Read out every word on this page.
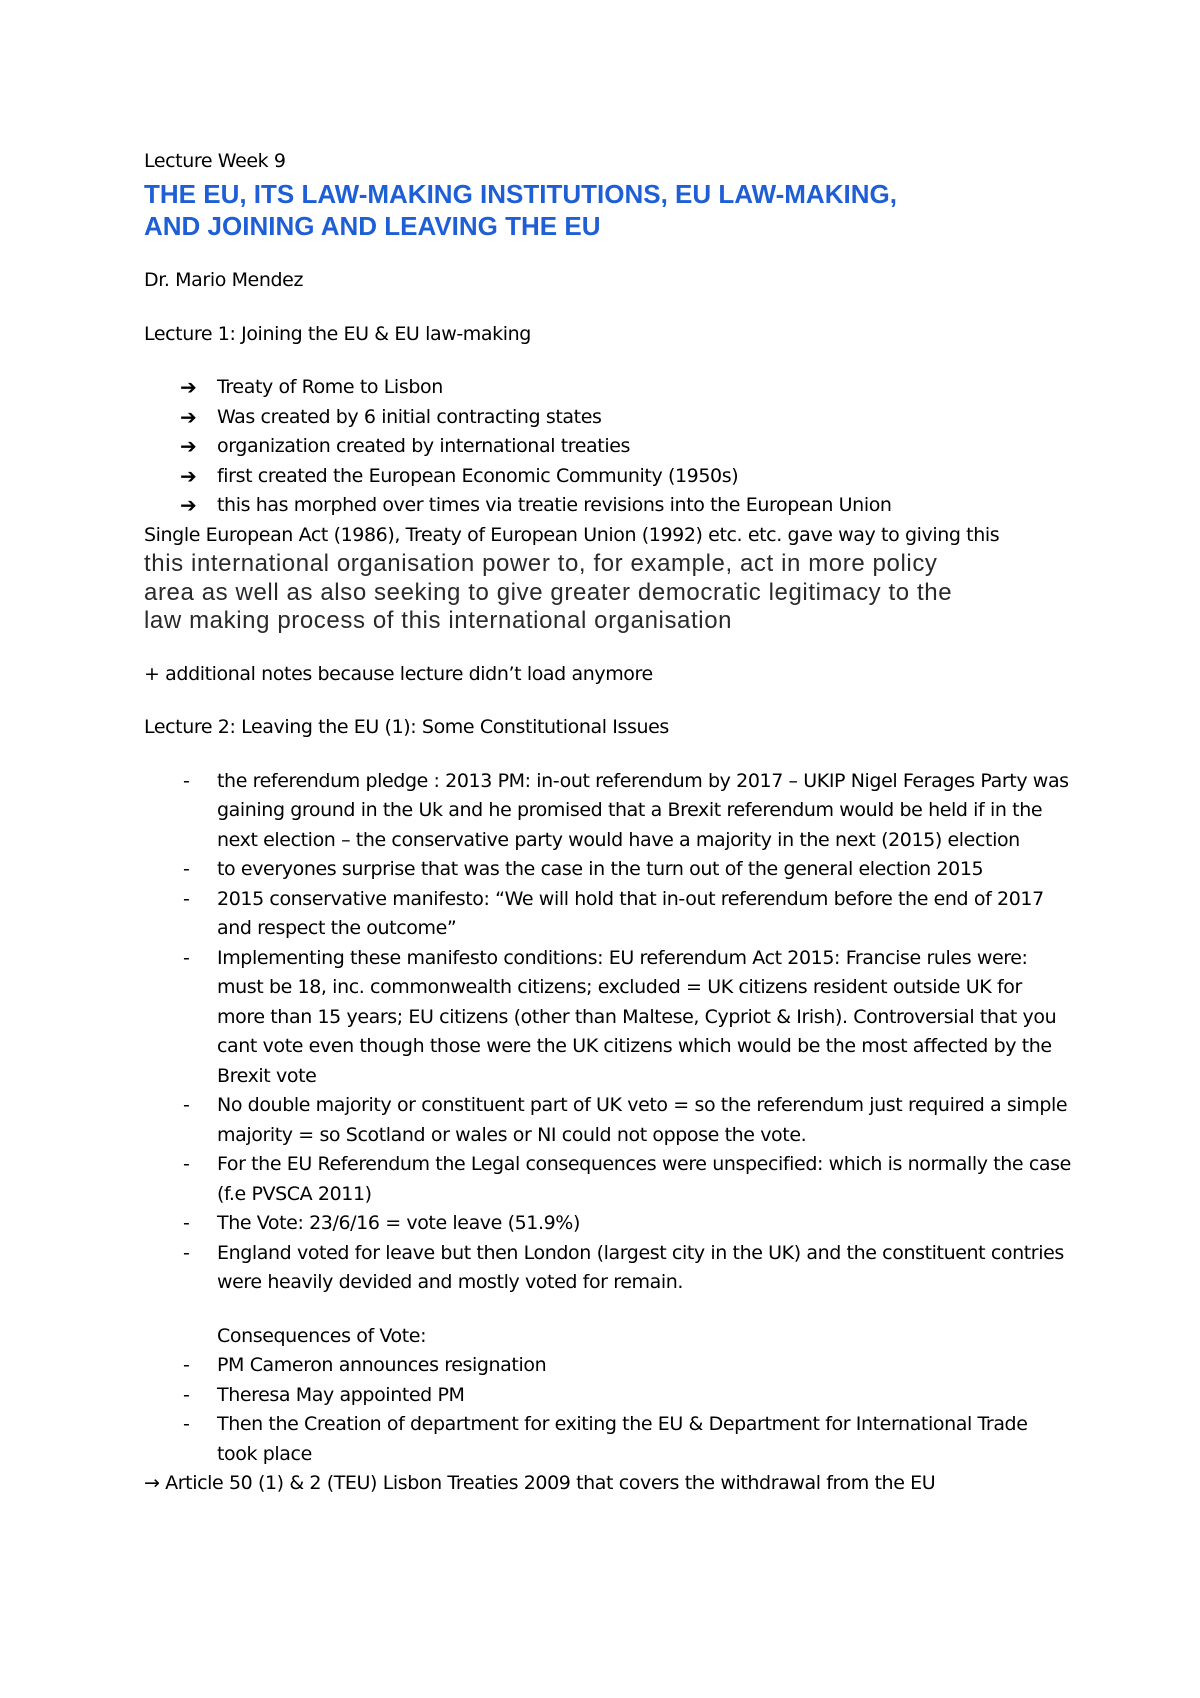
Lecture Week 9
THE EU, ITS LAW-MAKING INSTITUTIONS, EU LAW-MAKING,
AND JOINING AND LEAVING THE EU
Dr. Mario Mendez
Lecture 1: Joining the EU & EU law-making
➔ Treaty of Rome to Lisbon
➔ Was created by 6 initial contracting states
➔ organization created by international treaties
➔ first created the European Economic Community (1950s)
➔ this has morphed over times via treatie revisions into the European Union
Single European Act (1986), Treaty of European Union (1992) etc. etc. gave way to giving this
this international organisation power to, for example, act in more policy
area as well as also seeking to give greater democratic legitimacy to the
law making process of this international organisation
+ additional notes because lecture didn’t load anymore
Lecture 2: Leaving the EU (1): Some Constitutional Issues
- the referendum pledge : 2013 PM: in-out referendum by 2017 – UKIP Nigel Ferages Party was gaining ground in the Uk and he promised that a Brexit referendum would be held if in the next election – the conservative party would have a majority in the next (2015) election
- to everyones surprise that was the case in the turn out of the general election 2015
- 2015 conservative manifesto: “We will hold that in-out referendum before the end of 2017 and respect the outcome”
- Implementing these manifesto conditions: EU referendum Act 2015: Francise rules were: must be 18, inc. commonwealth citizens; excluded = UK citizens resident outside UK for more than 15 years; EU citizens (other than Maltese, Cypriot & Irish). Controversial that you cant vote even though those were the UK citizens which would be the most affected by the Brexit vote
- No double majority or constituent part of UK veto = so the referendum just required a simple majority = so Scotland or wales or NI could not oppose the vote.
- For the EU Referendum the Legal consequences were unspecified: which is normally the case (f.e PVSCA 2011)
- The Vote: 23/6/16 = vote leave (51.9%)
- England voted for leave but then London (largest city in the UK) and the constituent contries were heavily devided and mostly voted for remain.
Consequences of Vote:
- PM Cameron announces resignation
- Theresa May appointed PM
- Then the Creation of department for exiting the EU & Department for International Trade took place
→ Article 50 (1) & 2 (TEU) Lisbon Treaties 2009 that covers the withdrawal from the EU
